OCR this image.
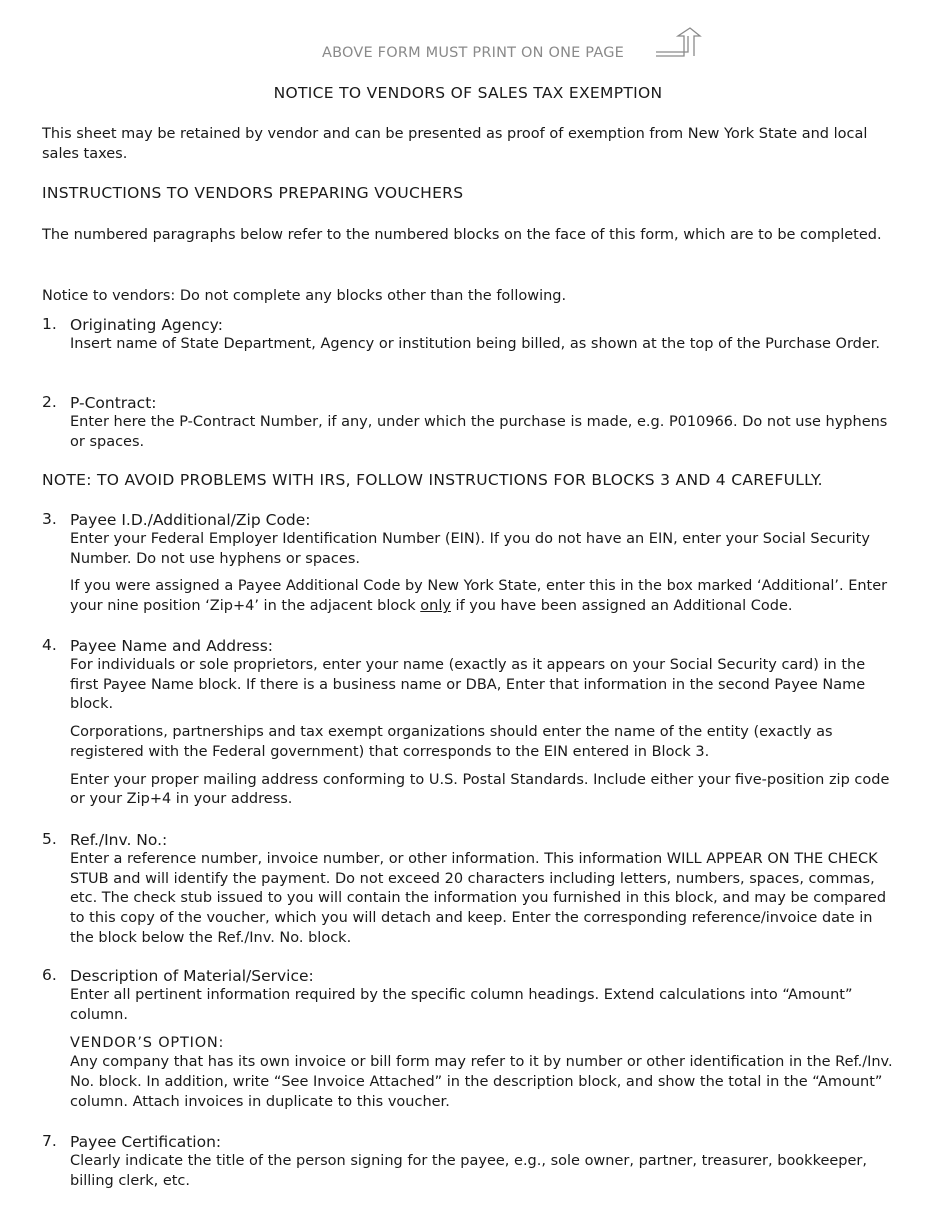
ABOVE FORM MUST PRINT ON ONE PAGE
NOTICE TO VENDORS OF SALES TAX EXEMPTION
This sheet may be retained by vendor and can be presented as proof of exemption from New York State and local sales taxes.
INSTRUCTIONS TO VENDORS PREPARING VOUCHERS
The numbered paragraphs below refer to the numbered blocks on the face of this form, which are to be completed.
Notice to vendors: Do not complete any blocks other than the following.
1. Originating Agency:

Insert name of State Department, Agency or institution being billed, as shown at the top of the Purchase Order.

2. P-Contract:

Enter here the P-Contract Number, if any, under which the purchase is made, e.g. P010966. Do not use hyphens or spaces.

NOTE: TO AVOID PROBLEMS WITH IRS, FOLLOW INSTRUCTIONS FOR BLOCKS 3 AND 4 CAREFULLY.
3. Payee I.D./Additional/Zip Code:

Enter your Federal Employer Identification Number (EIN). If you do not have an EIN, enter your Social Security Number. Do not use hyphens or spaces.

If you were assigned a Payee Additional Code by New York State, enter this in the box marked ‘Additional’. Enter your nine position ‘Zip+4’ in the adjacent block only if you have been assigned an Additional Code.

4. Payee Name and Address:

For individuals or sole proprietors, enter your name (exactly as it appears on your Social Security card) in the first Payee Name block. If there is a business name or DBA, Enter that information in the second Payee Name block.

Corporations, partnerships and tax exempt organizations should enter the name of the entity (exactly as registered with the Federal government) that corresponds to the EIN entered in Block 3.

Enter your proper mailing address conforming to U.S. Postal Standards. Include either your five-position zip code or your Zip+4 in your address.

5. Ref./Inv. No.:

Enter a reference number, invoice number, or other information. This information WILL APPEAR ON THE CHECK STUB and will identify the payment. Do not exceed 20 characters including letters, numbers, spaces, commas, etc. The check stub issued to you will contain the information you furnished in this block, and may be compared to this copy of the voucher, which you will detach and keep. Enter the corresponding reference/invoice date in the block below the Ref./Inv. No. block.

6. Description of Material/Service:

Enter all pertinent information required by the specific column headings. Extend calculations into “Amount” column.

VENDOR’S OPTION:

Any company that has its own invoice or bill form may refer to it by number or other identification in the Ref./Inv. No. block. In addition, write “See Invoice Attached” in the description block, and show the total in the “Amount” column. Attach invoices in duplicate to this voucher.

7. Payee Certification:

Clearly indicate the title of the person signing for the payee, e.g., sole owner, partner, treasurer, bookkeeper, billing clerk, etc.
